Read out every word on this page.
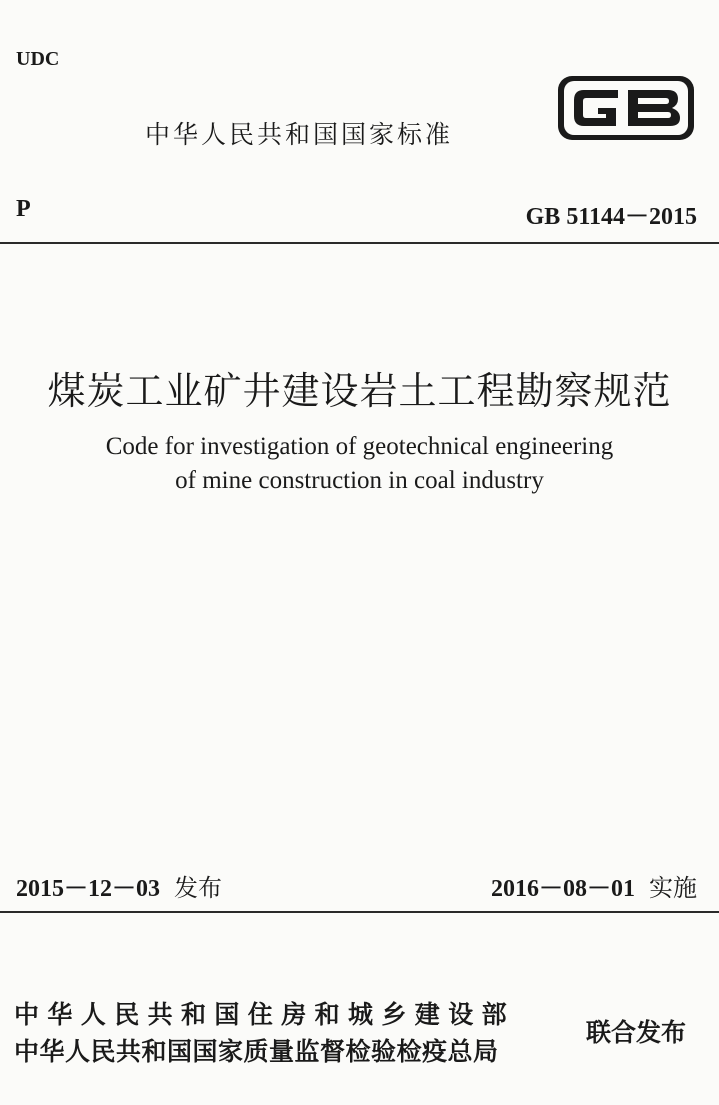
UDC
中华人民共和国国家标准
P	GB 51144－2015
煤炭工业矿井建设岩土工程勘察规范
Code for investigation of geotechnical engineering
of mine construction in coal industry
2015－12－03 发布	2016－08－01 实施
中华人民共和国住房和城乡建设部
中华人民共和国国家质量监督检验检疫总局
联合发布
